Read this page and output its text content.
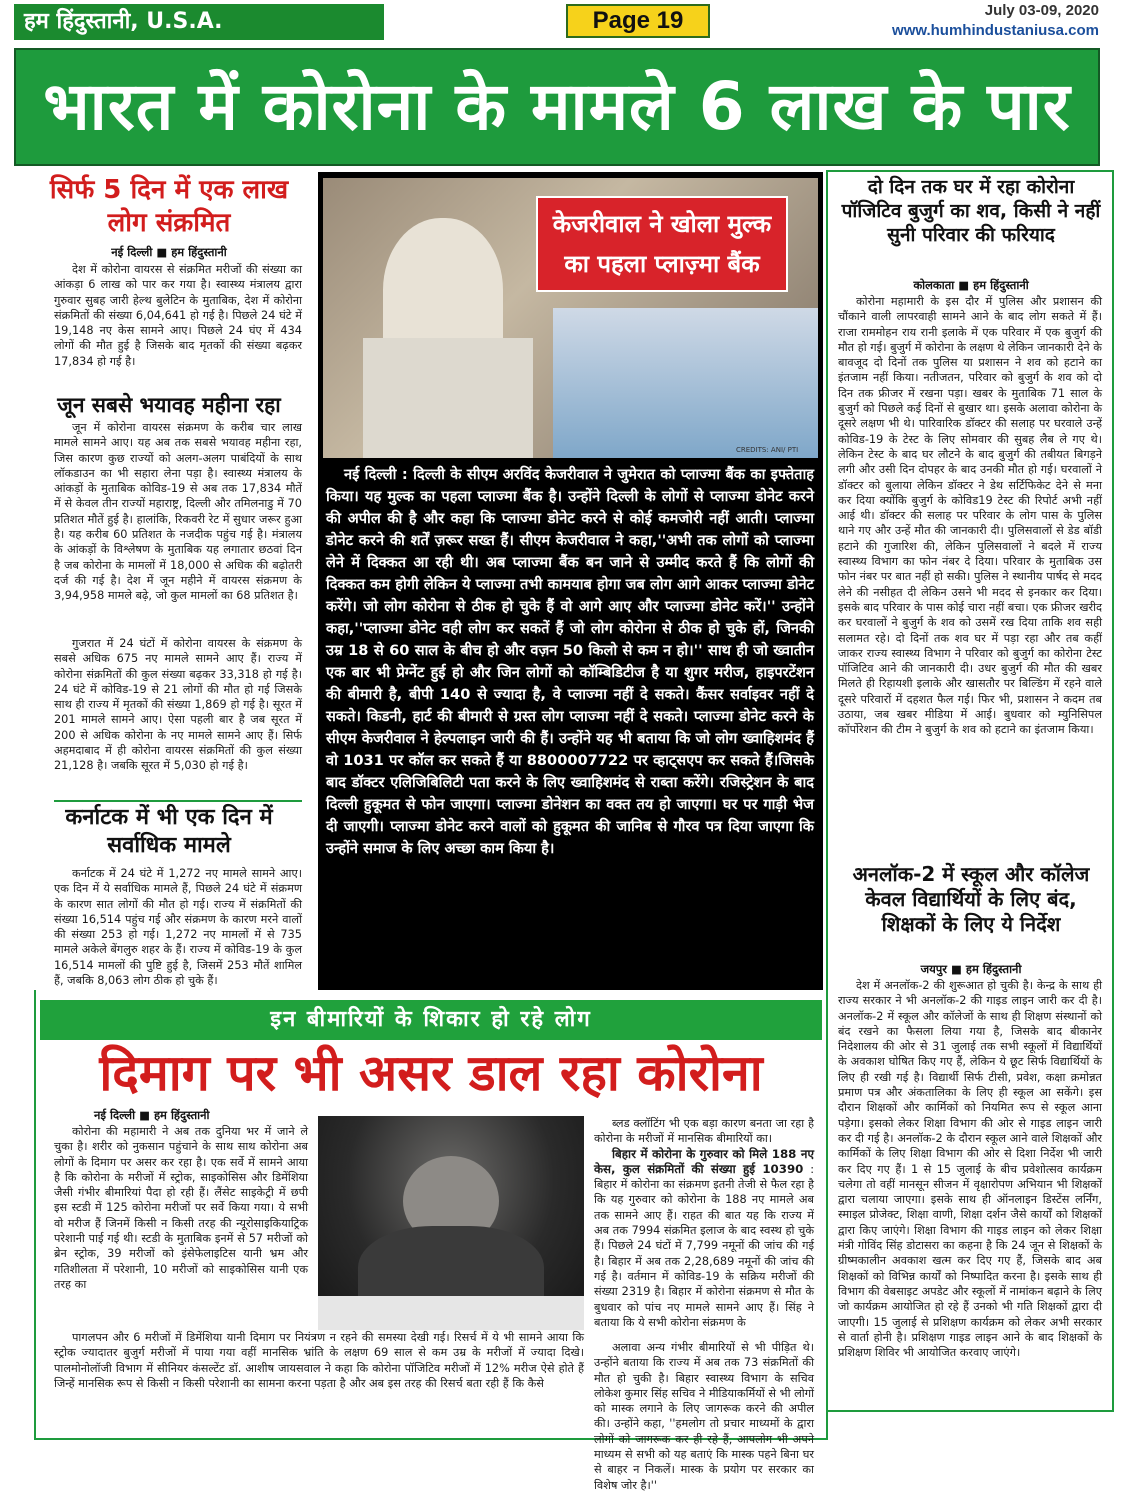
हम हिंदुस्तानी, U.S.A.	Page 19	July 03-09, 2020
www.humhindustaniusa.com
भारत में कोरोना के मामले 6 लाख के पार
सिर्फ 5 दिन में एक लाख लोग संक्रमित
नई दिल्ली ■ हम हिंदुस्तानी

देश में कोरोना वायरस से संक्रमित मरीजों की संख्या का आंकड़ा 6 लाख को पार कर गया है। स्वास्थ्य मंत्रालय द्वारा गुरुवार सुबह जारी हेल्थ बुलेटिन के मुताबिक, देश में कोरोना संक्रमितों की संख्या 6,04,641 हो गई है। पिछले 24 घंटे में 19,148 नए केस सामने आए। पिछले 24 घंए में 434 लोगों की मौत हुई है जिसके बाद मृतकों की संख्या बढ़कर 17,834 हो गई है।

जून सबसे भयावह महीना रहा

जून में कोरोना वायरस संक्रमण के करीब चार लाख मामले सामने आए। यह अब तक सबसे भयावह महीना रहा, जिस कारण कुछ राज्यों को अलग-अलग पाबंदियों के साथ लॉकडाउन का भी सहारा लेना पड़ा है। स्वास्थ्य मंत्रालय के आंकड़ों के मुताबिक कोविड-19 से अब तक 17,834 मौतें में से केवल तीन राज्यों महाराष्ट्र, दिल्ली और तमिलनाडु में 70 प्रतिशत मौतें हुई है। हालांकि, रिकवरी रेट में सुधार जरूर हुआ है। यह करीब 60 प्रतिशत के नजदीक पहुंच गई है। मंत्रालय के आंकड़ों के विश्लेषण के मुताबिक यह लगातार छठवां दिन है जब कोरोना के मामलों में 18,000 से अधिक की बढ़ोतरी दर्ज की गई है। देश में जून महीने में वायरस संक्रमण के 3,94,958 मामले बढ़े, जो कुल मामलों का 68 प्रतिशत है।

गुजरात में 24 घंटों में कोरोना वायरस के संक्रमण के सबसे अधिक 675 नए मामले सामने आए हैं। राज्य में कोरोना संक्रमितों की कुल संख्या बढ़कर 33,318 हो गई है। 24 घंटे में कोविड-19 से 21 लोगों की मौत हो गई जिसके साथ ही राज्य में मृतकों की संख्या 1,869 हो गई है। सूरत में 201 मामले सामने आए। ऐसा पहली बार है जब सूरत में 200 से अधिक कोरोना के नए मामले सामने आए हैं। सिर्फ अहमदाबाद में ही कोरोना वायरस संक्रमितों की कुल संख्या 21,128 है। जबकि सूरत में 5,030 हो गई है।

कर्नाटक में भी एक दिन में सर्वाधिक मामले

कर्नाटक में 24 घंटे में 1,272 नए मामले सामने आए। एक दिन में ये सर्वाधिक मामले हैं, पिछले 24 घंटे में संक्रमण के कारण सात लोगों की मौत हो गई। राज्य में संक्रमितों की संख्या 16,514 पहुंच गई और संक्रमण के कारण मरने वालों की संख्या 253 हो गई। 1,272 नए मामलों में से 735 मामले अकेले बेंगलुरु शहर के हैं। राज्य में कोविड-19 के कुल 16,514 मामलों की पुष्टि हुई है, जिसमें 253 मौतें शामिल हैं, जबकि 8,063 लोग ठीक हो चुके हैं।

केजरीवाल ने खोला मुल्क का पहला प्लाज़्मा बैंक
CREDITS: ANI/ PTI

नई दिल्ली : दिल्ली के सीएम अरविंद केजरीवाल ने जुमेरात को प्लाज्मा बैंक का इफ्तेताह किया। यह मुल्क का पहला प्लाज्मा बैंक है। उन्होंने दिल्ली के लोगों से प्लाज्मा डोनेट करने की अपील की है और कहा कि प्लाज्मा डोनेट करने से कोई कमजोरी नहीं आती। प्लाज्मा डोनेट करने की शर्तें ज़रूर सख्त हैं। सीएम केजरीवाल ने कहा,''अभी तक लोगों को प्लाज्मा लेने में दिक्कत आ रही थी। अब प्लाज्मा बैंक बन जाने से उम्मीद करते हैं कि लोगों की दिक्कत कम होगी लेकिन ये प्लाज्मा तभी कामयाब होगा जब लोग आगे आकर प्लाज्मा डोनेट करेंगे। जो लोग कोरोना से ठीक हो चुके हैं वो आगे आए और प्लाज्मा डोनेट करें।'' उन्होंने कहा,''प्लाज्मा डोनेट वही लोग कर सकतें हैं जो लोग कोरोना से ठीक हो चुके हों, जिनकी उम्र 18 से 60 साल के बीच हो और वज़न 50 किलो से कम न हो।'' साथ ही जो ख्वातीन एक बार भी प्रेग्नेंट हुई हो और जिन लोगों को कॉम्बिडिटीज है या शुगर मरीज, हाइपरटेंशन की बीमारी है, बीपी 140 से ज्यादा है, वे प्लाज्मा नहीं दे सकते। कैंसर सर्वाइवर नहीं दे सकते। किडनी, हार्ट की बीमारी से ग्रस्त लोग प्लाज्मा नहीं दे सकते। प्लाज्मा डोनेट करने के सीएम केजरीवाल ने हेल्पलाइन जारी की हैं। उन्होंने यह भी बताया कि जो लोग ख्वाहिशमंद हैं वो 1031 पर कॉल कर सकते हैं या 8800007722 पर व्हाट्सएप कर सकते हैं।जिसके बाद डॉक्टर एलिजिबिलिटी पता करने के लिए ख्वाहिशमंद से राब्ता करेंगे। रजिस्ट्रेशन के बाद दिल्ली हुकूमत से फोन जाएगा। प्लाज्मा डोनेशन का वक्त तय हो जाएगा। घर पर गाड़ी भेज दी जाएगी। प्लाज्मा डोनेट करने वालों को हुकूमत की जानिब से गौरव पत्र दिया जाएगा कि उन्होंने समाज के लिए अच्छा काम किया है।

दो दिन तक घर में रहा कोरोना पॉजिटिव बुजुर्ग का शव, किसी ने नहीं सुनी परिवार की फरियाद
कोलकाता ■ हम हिंदुस्तानी

कोरोना महामारी के इस दौर में पुलिस और प्रशासन की चौंकाने वाली लापरवाही सामने आने के बाद लोग सकते में हैं। राजा राममोहन राय रानी इलाके में एक परिवार में एक बुजुर्ग की मौत हो गई। बुजुर्ग में कोरोना के लक्षण थे लेकिन जानकारी देने के बावजूद दो दिनों तक पुलिस या प्रशासन ने शव को हटाने का इंतजाम नहीं किया। नतीजतन, परिवार को बुजुर्ग के शव को दो दिन तक फ्रीजर में रखना पड़ा। खबर के मुताबिक 71 साल के बुजुर्ग को पिछले कई दिनों से बुखार था। इसके अलावा कोरोना के दूसरे लक्षण भी थे। पारिवारिक डॉक्टर की सलाह पर घरवाले उन्हें कोविड-19 के टेस्ट के लिए सोमवार की सुबह लैब ले गए थे। लेकिन टेस्ट के बाद घर लौटने के बाद बुजुर्ग की तबीयत बिगड़ने लगी और उसी दिन दोपहर के बाद उनकी मौत हो गई। घरवालों ने डॉक्टर को बुलाया लेकिन डॉक्टर ने डेथ सर्टिफिकेट देने से मना कर दिया क्योंकि बुजुर्ग के कोविड19 टेस्ट की रिपोर्ट अभी नहीं आई थी। डॉक्टर की सलाह पर परिवार के लोग पास के पुलिस थाने गए और उन्हें मौत की जानकारी दी। पुलिसवालों से डेड बॉडी हटाने की गुजारिश की, लेकिन पुलिसवालों ने बदले में राज्य स्वास्थ्य विभाग का फोन नंबर दे दिया। परिवार के मुताबिक उस फोन नंबर पर बात नहीं हो सकी। पुलिस ने स्थानीय पार्षद से मदद लेने की नसीहत दी लेकिन उसने भी मदद से इनकार कर दिया। इसके बाद परिवार के पास कोई चारा नहीं बचा। एक फ्रीजर खरीद कर घरवालों ने बुजुर्ग के शव को उसमें रख दिया ताकि शव सही सलामत रहे। दो दिनों तक शव घर में पड़ा रहा और तब कहीं जाकर राज्य स्वास्थ्य विभाग ने परिवार को बुजुर्ग का कोरोना टेस्ट पॉजिटिव आने की जानकारी दी। उधर बुजुर्ग की मौत की खबर मिलते ही रिहायशी इलाके और खासतौर पर बिल्डिंग में रहने वाले दूसरे परिवारों में दहशत फैल गई। फिर भी, प्रशासन ने कदम तब उठाया, जब खबर मीडिया में आई। बुधवार को म्युनिसिपल कॉर्पोरेशन की टीम ने बुजुर्ग के शव को हटाने का इंतजाम किया।

अनलॉक-2 में स्कूल और कॉलेज केवल विद्यार्थियों के लिए बंद, शिक्षकों के लिए ये निर्देश
जयपुर ■ हम हिंदुस्तानी

देश में अनलॉक-2 की शुरूआत हो चुकी है। केन्द्र के साथ ही राज्य सरकार ने भी अनलॉक-2 की गाइड लाइन जारी कर दी है। अनलॉक-2 में स्कूल और कॉलेजों के साथ ही शिक्षण संस्थानों को बंद रखने का फैसला लिया गया है, जिसके बाद बीकानेर निदेशालय की ओर से 31 जुलाई तक सभी स्कूलों में विद्यार्थियों के अवकाश घोषित किए गए हैं, लेकिन ये छूट सिर्फ विद्यार्थियों के लिए ही रखी गई है। विद्यार्थी सिर्फ टीसी, प्रवेश, कक्षा क्रमोन्नत प्रमाण पत्र और अंकतालिका के लिए ही स्कूल आ सकेंगे। इस दौरान शिक्षकों और कार्मिकों को नियमित रूप से स्कूल आना पड़ेगा। इसको लेकर शिक्षा विभाग की ओर से गाइड लाइन जारी कर दी गई है। अनलॉक-2 के दौरान स्कूल आने वाले शिक्षकों और कार्मिकों के लिए शिक्षा विभाग की ओर से दिशा निर्देश भी जारी कर दिए गए हैं। 1 से 15 जुलाई के बीच प्रवेशोत्सव कार्यक्रम चलेगा तो वहीं मानसून सीजन में वृक्षारोपण अभियान भी शिक्षकों द्वारा चलाया जाएगा। इसके साथ ही ऑनलाइन डिस्टेंस लर्निंग, स्माइल प्रोजेक्ट, शिक्षा वाणी, शिक्षा दर्शन जैसे कार्यों को शिक्षकों द्वारा किए जाएंगे। शिक्षा विभाग की गाइड लाइन को लेकर शिक्षा मंत्री गोविंद सिंह डोटासरा का कहना है कि 24 जून से शिक्षकों के ग्रीष्मकालीन अवकाश खत्म कर दिए गए हैं, जिसके बाद अब शिक्षकों को विभिन्न कार्यों को निष्पादित करना है। इसके साथ ही विभाग की वेबसाइट अपडेट और स्कूलों में नामांकन बढ़ाने के लिए जो कार्यक्रम आयोजित हो रहे हैं उनको भी गति शिक्षकों द्वारा दी जाएगी। 15 जुलाई से प्रशिक्षण कार्यक्रम को लेकर अभी सरकार से वार्ता होनी है। प्रशिक्षण गाइड लाइन आने के बाद शिक्षकों के प्रशिक्षण शिविर भी आयोजित करवाए जाएंगे।

इन बीमारियों के शिकार हो रहे लोग
दिमाग पर भी असर डाल रहा कोरोना
नई दिल्ली ■ हम हिंदुस्तानी

कोरोना की महामारी ने अब तक दुनिया भर में जाने ले चुका है। शरीर को नुकसान पहुंचाने के साथ साथ कोरोना अब लोगों के दिमाग पर असर कर रहा है। एक सर्वे में सामने आया है कि कोरोना के मरीजों में स्ट्रोक, साइकोसिस और डिमेंशिया जैसी गंभीर बीमारियां पैदा हो रही हैं। लैंसेट साइकेट्री में छपी इस स्टडी में 125 कोरोना मरीजों पर सर्वे किया गया। ये सभी वो मरीज हैं जिनमें किसी न किसी तरह की न्यूरोसाइकियाट्रिक परेशानी पाई गई थी। स्टडी के मुताबिक इनमें से 57 मरीजों को ब्रेन स्ट्रोक, 39 मरीजों को इंसेफेलाइटिस यानी भ्रम और गतिशीलता में परेशानी, 10 मरीजों को साइकोसिस यानी एक तरह का

ब्लड क्लॉटिंग भी एक बड़ा कारण बनता जा रहा है कोरोना के मरीजों में मानसिक बीमारियों का।

बिहार में कोरोना के गुरुवार को मिले 188 नए केस, कुल संक्रमितों की संख्या हुई 10390 : बिहार में कोरोना का संक्रमण इतनी तेजी से फैल रहा है कि यह गुरुवार को कोरोना के 188 नए मामले अब तक सामने आए हैं। राहत की बात यह कि राज्य में अब तक 7994 संक्रमित इलाज के बाद स्वस्थ हो चुके हैं। पिछले 24 घंटों में 7,799 नमूनों की जांच की गई है। बिहार में अब तक 2,28,689 नमूनों की जांच की गई है। वर्तमान में कोविड-19 के सक्रिय मरीजों की संख्या 2319 है। बिहार में कोरोना संक्रमण से मौत के बुधवार को पांच नए मामले सामने आए हैं। सिंह ने बताया कि ये सभी कोरोना संक्रमण के

पागलपन और 6 मरीजों में डिमेंशिया यानी दिमाग पर नियंत्रण न रहने की समस्या देखी गई। रिसर्च में ये भी सामने आया कि स्ट्रोक ज्यादातर बुजुर्ग मरीजों में पाया गया वहीं मानसिक भ्रांति के लक्षण 69 साल से कम उम्र के मरीजों में ज्यादा दिखे। पालमोनोलॉजी विभाग में सीनियर कंसल्टेंट डॉ. आशीष जायसवाल ने कहा कि कोरोना पॉजिटिव मरीजों में 12% मरीज ऐसे होते हैं जिन्हें मानसिक रूप से किसी न किसी परेशानी का सामना करना पड़ता है और अब इस तरह की रिसर्च बता रही हैं कि कैसे

अलावा अन्य गंभीर बीमारियों से भी पीड़ित थे। उन्होंने बताया कि राज्य में अब तक 73 संक्रमितों की मौत हो चुकी है। बिहार स्वास्थ्य विभाग के सचिव लोकेश कुमार सिंह सचिव ने मीडियाकर्मियों से भी लोगों को मास्क लगाने के लिए जागरूक करने की अपील की। उन्होंने कहा, ''हमलोग तो प्रचार माध्यमों के द्वारा लोगों को जागरूक कर ही रहे हैं, आपलोग भी अपने माध्यम से सभी को यह बताएं कि मास्क पहने बिना घर से बाहर न निकलें। मास्क के प्रयोग पर सरकार का विशेष जोर है।''
